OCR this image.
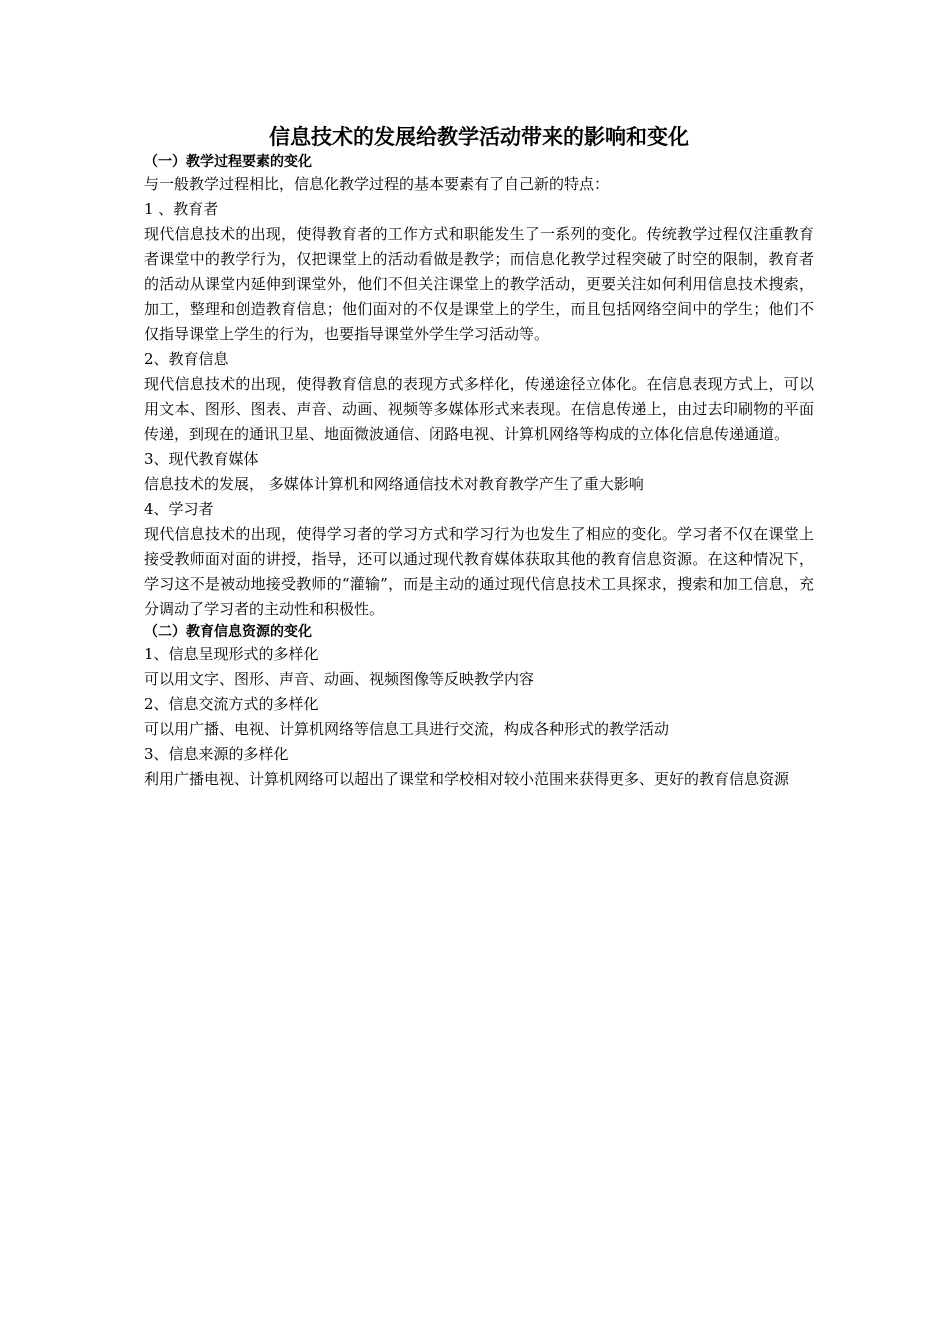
信息技术的发展给教学活动带来的影响和变化
（一）教学过程要素的变化

与一般教学过程相比，信息化教学过程的基本要素有了自己新的特点：

1 、教育者

现代信息技术的出现，使得教育者的工作方式和职能发生了一系列的变化。传统教学过程仅注重教育者课堂中的教学行为，仅把课堂上的活动看做是教学；而信息化教学过程突破了时空的限制，教育者的活动从课堂内延伸到课堂外，他们不但关注课堂上的教学活动，更要关注如何利用信息技术搜索，加工，整理和创造教育信息；他们面对的不仅是课堂上的学生，而且包括网络空间中的学生；他们不仅指导课堂上学生的行为，也要指导课堂外学生学习活动等。

2、教育信息

现代信息技术的出现，使得教育信息的表现方式多样化，传递途径立体化。在信息表现方式上，可以用文本、图形、图表、声音、动画、视频等多媒体形式来表现。在信息传递上，由过去印刷物的平面传递，到现在的通讯卫星、地面微波通信、闭路电视、计算机网络等构成的立体化信息传递通道。

3、现代教育媒体

信息技术的发展， 多媒体计算机和网络通信技术对教育教学产生了重大影响

4、学习者

现代信息技术的出现，使得学习者的学习方式和学习行为也发生了相应的变化。学习者不仅在课堂上接受教师面对面的讲授，指导，还可以通过现代教育媒体获取其他的教育信息资源。在这种情况下，学习这不是被动地接受教师的“灌输”，而是主动的通过现代信息技术工具探求，搜索和加工信息，充分调动了学习者的主动性和积极性。

（二）教育信息资源的变化

1、信息呈现形式的多样化

可以用文字、图形、声音、动画、视频图像等反映教学内容

2、信息交流方式的多样化

可以用广播、电视、计算机网络等信息工具进行交流，构成各种形式的教学活动

3、信息来源的多样化

利用广播电视、计算机网络可以超出了课堂和学校相对较小范围来获得更多、更好的教育信息资源
